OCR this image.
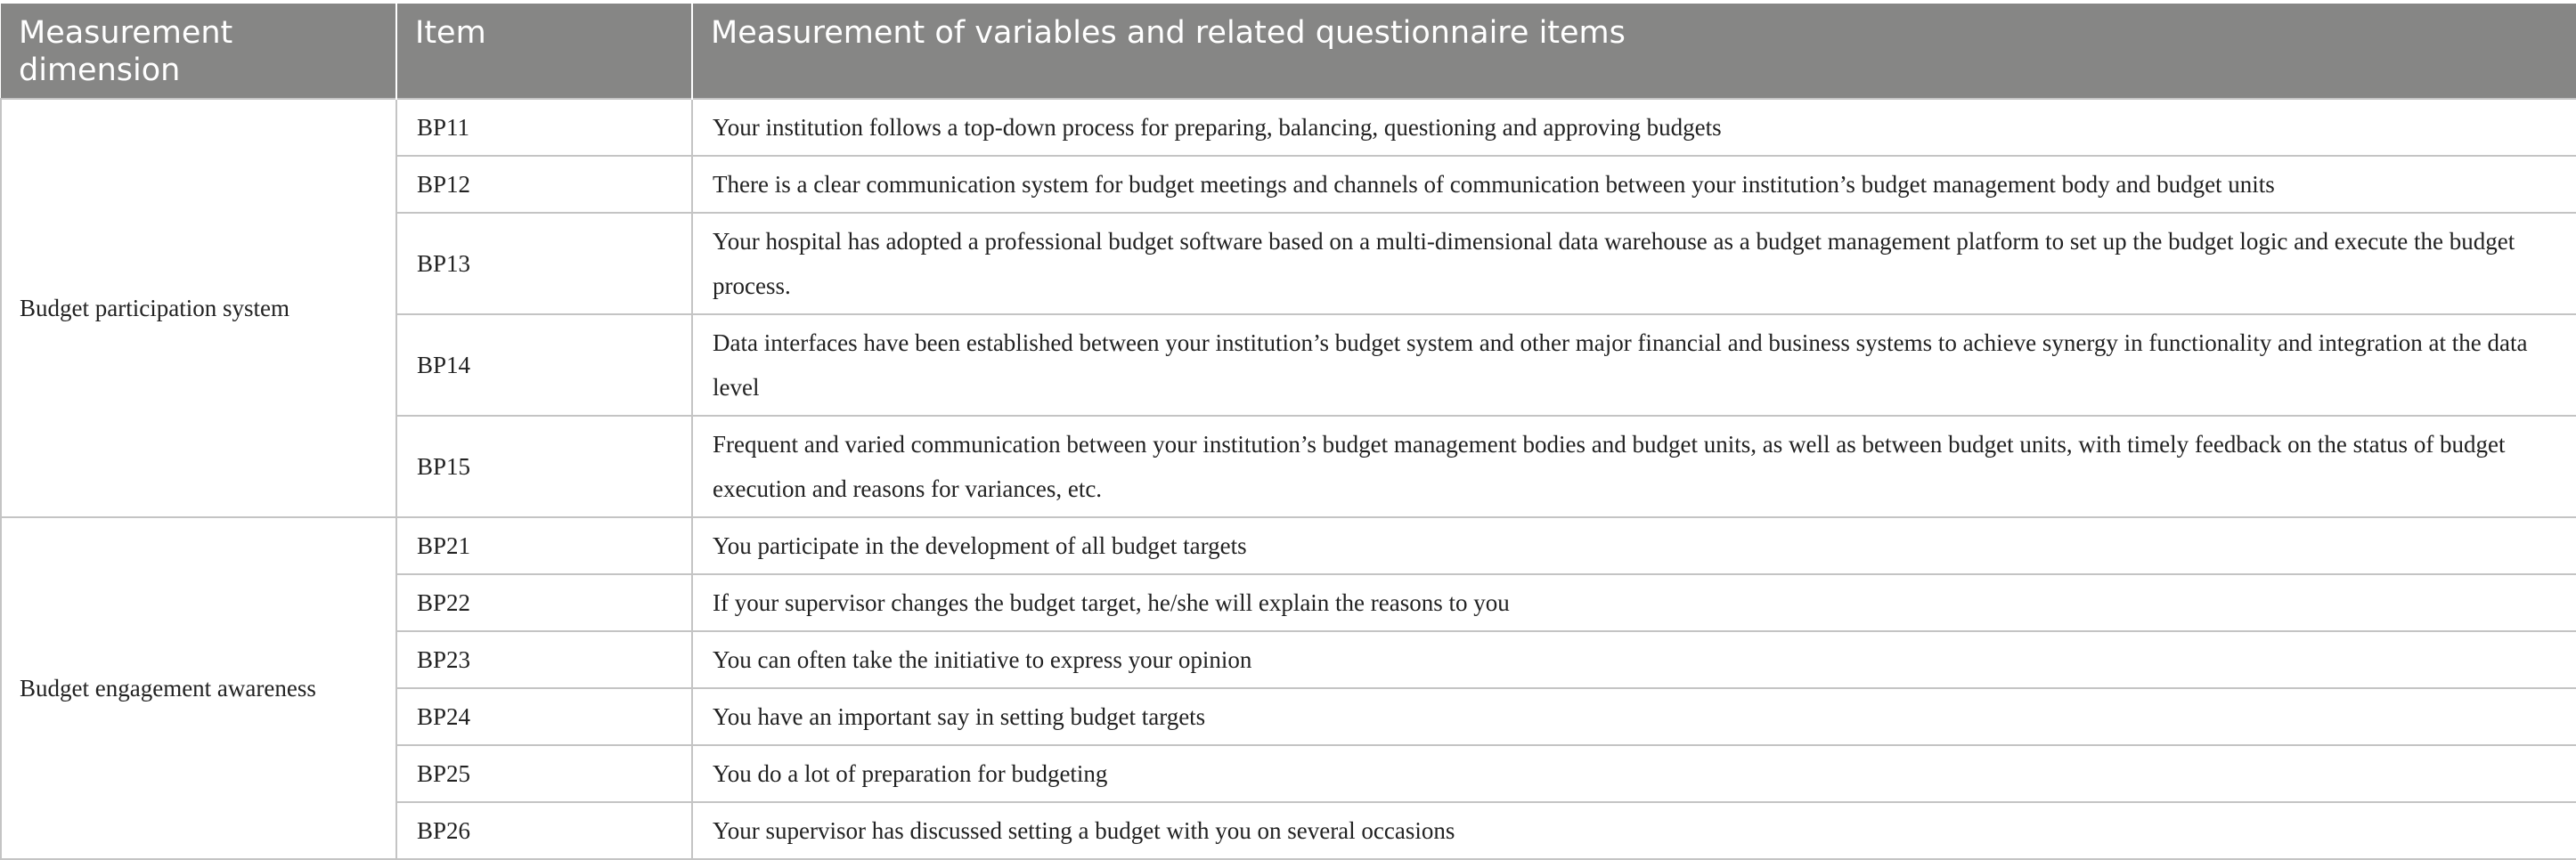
Measurement dimension	Item	Measurement of variables and related questionnaire items
Budget participation system	BP11	Your institution follows a top-down process for preparing, balancing, questioning and approving budgets
	BP12	There is a clear communication system for budget meetings and channels of communication between your institution’s budget management body and budget units
	BP13	Your hospital has adopted a professional budget software based on a multi-dimensional data warehouse as a budget management platform to set up the budget logic and execute the budget process.
	BP14	Data interfaces have been established between your institution’s budget system and other major financial and business systems to achieve synergy in functionality and integration at the data level
	BP15	Frequent and varied communication between your institution’s budget management bodies and budget units, as well as between budget units, with timely feedback on the status of budget execution and reasons for variances, etc.
Budget engagement awareness	BP21	You participate in the development of all budget targets
	BP22	If your supervisor changes the budget target, he/she will explain the reasons to you
	BP23	You can often take the initiative to express your opinion
	BP24	You have an important say in setting budget targets
	BP25	You do a lot of preparation for budgeting
	BP26	Your supervisor has discussed setting a budget with you on several occasions
